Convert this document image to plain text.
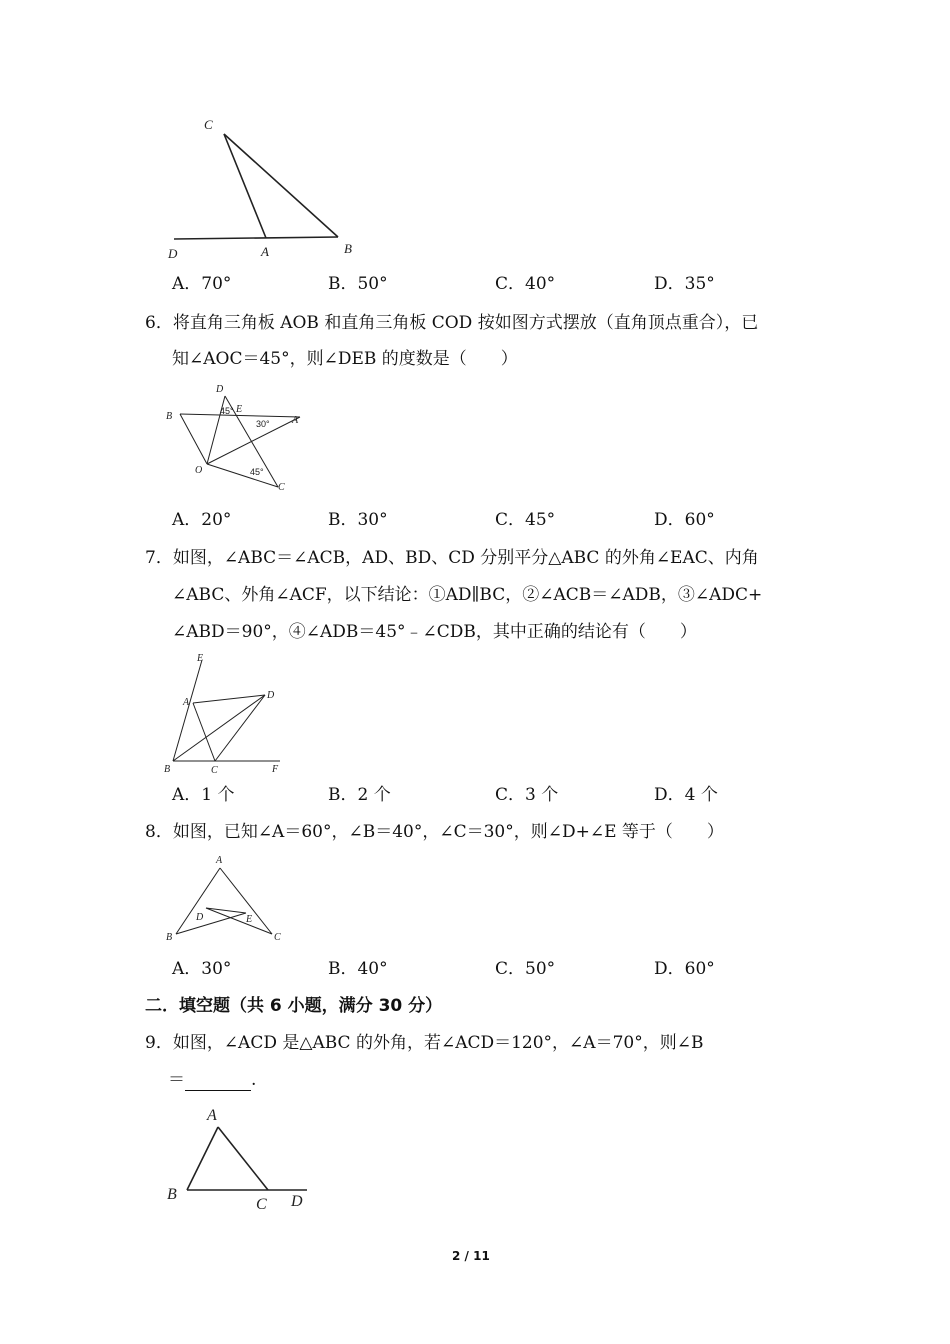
C
D	A	B
A．70°	B．50°	C．40°	D．35°
6．将直角三角板 AOB 和直角三角板 COD 按如图方式摆放（直角顶点重合），已
知∠AOC＝45°，则∠DEB 的度数是（　　）
D
E
B	A
O
C
45°
30°
45°
A．20°	B．30°	C．45°	D．60°
7．如图，∠ABC＝∠ACB，AD、BD、CD 分别平分△ABC 的外角∠EAC、内角
∠ABC、外角∠ACF，以下结论：①AD∥BC，②∠ACB＝∠ADB，③∠ADC+
∠ABD＝90°，④∠ADB＝45°﹣∠CDB，其中正确的结论有（　　）
E
A
D
B	C	F
A．1 个	B．2 个	C．3 个	D．4 个
8．如图，已知∠A＝60°，∠B＝40°，∠C＝30°，则∠D+∠E 等于（　　）
A
D	E
B	C
A．30°	B．40°	C．50°	D．60°
二．填空题（共 6 小题，满分 30 分）
9．如图，∠ACD 是△ABC 的外角，若∠ACD＝120°，∠A＝70°，则∠B
＝	.
A
B
C D
2 / 11
